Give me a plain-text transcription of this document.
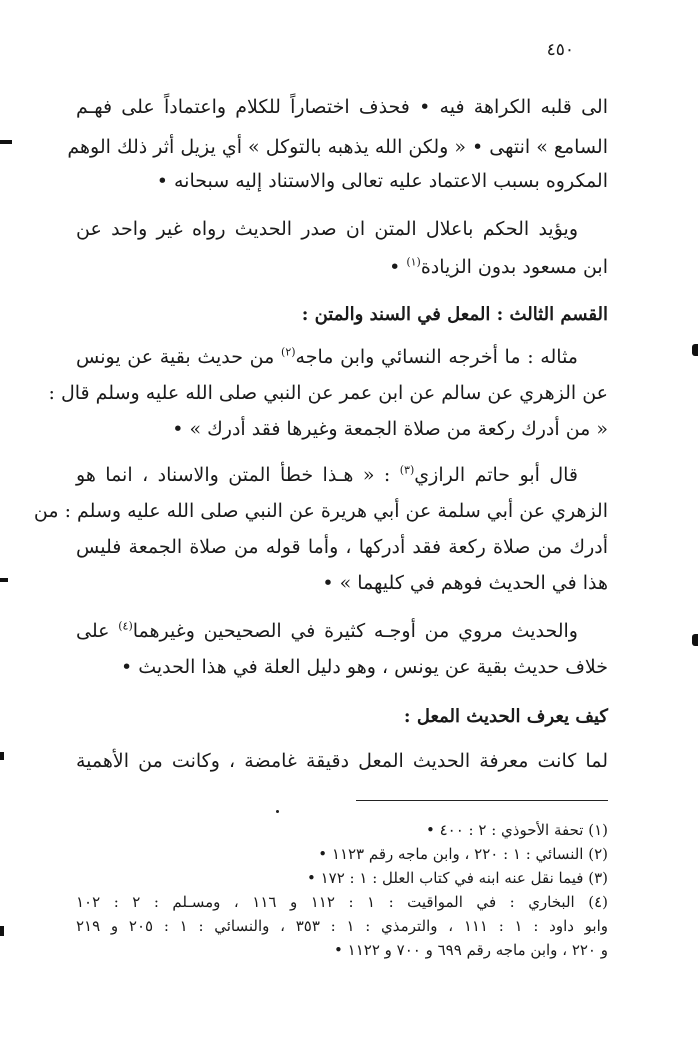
٤٥٠
الى قلبه الكراهة فيه • فحذف اختصاراً للكلام واعتماداً على فهـم
السامع » انتهى • « ولكن الله يذهبه بالتوكل » أي يزيل أثر ذلك الوهم
المكروه بسبب الاعتماد عليه تعالى والاستناد إليه سبحانه •
ويؤيد الحكم باعلال المتن ان صدر الحديث رواه غير واحد عن
ابن مسعود بدون الزيادة$^{(١)}$ •
القسم الثالث : المعل في السند والمتن :
مثاله : ما أخرجه النسائي وابن ماجه$^{(٢)}$ من حديث بقية عن يونس
عن الزهري عن سالم عن ابن عمر عن النبي صلى الله عليه وسلم قال :
« من أدرك ركعة من صلاة الجمعة وغيرها فقد أدرك » •
قال أبو حاتم الرازي$^{(٣)}$ : « هـذا خطأ المتن والاسناد ، انما هو
الزهري عن أبي سلمة عن أبي هريرة عن النبي صلى الله عليه وسلم : من
أدرك من صلاة ركعة فقد أدركها ، وأما قوله من صلاة الجمعة فليس
هذا في الحديث فوهم في كليهما » •
والحديث مروي من أوجـه كثيرة في الصحيحين وغيرهما$^{(٤)}$ على
خلاف حديث بقية عن يونس ، وهو دليل العلة في هذا الحديث •
كيف يعرف الحديث المعل :
لما كانت معرفة الحديث المعل دقيقة غامضة ، وكانت من الأهمية
(١) تحفة الأحوذي : ٢ : ٤٠٠ •
(٢) النسائي : ١ : ٢٢٠ ، وابن ماجه رقم ١١٢٣ •
(٣) فيما نقل عنه ابنه في كتاب العلل : ١ : ١٧٢ •
(٤) البخاري : في المواقيت : ١ : ١١٢ و ١١٦ ، ومسـلم : ٢ : ١٠٢
وابو داود : ١ : ١١١ ، والترمذي : ١ : ٣٥٣ ، والنسائي : ١ : ٢٠٥ و ٢١٩
و ٢٢٠ ، وابن ماجه رقم ٦٩٩ و ٧٠٠ و ١١٢٢ •
